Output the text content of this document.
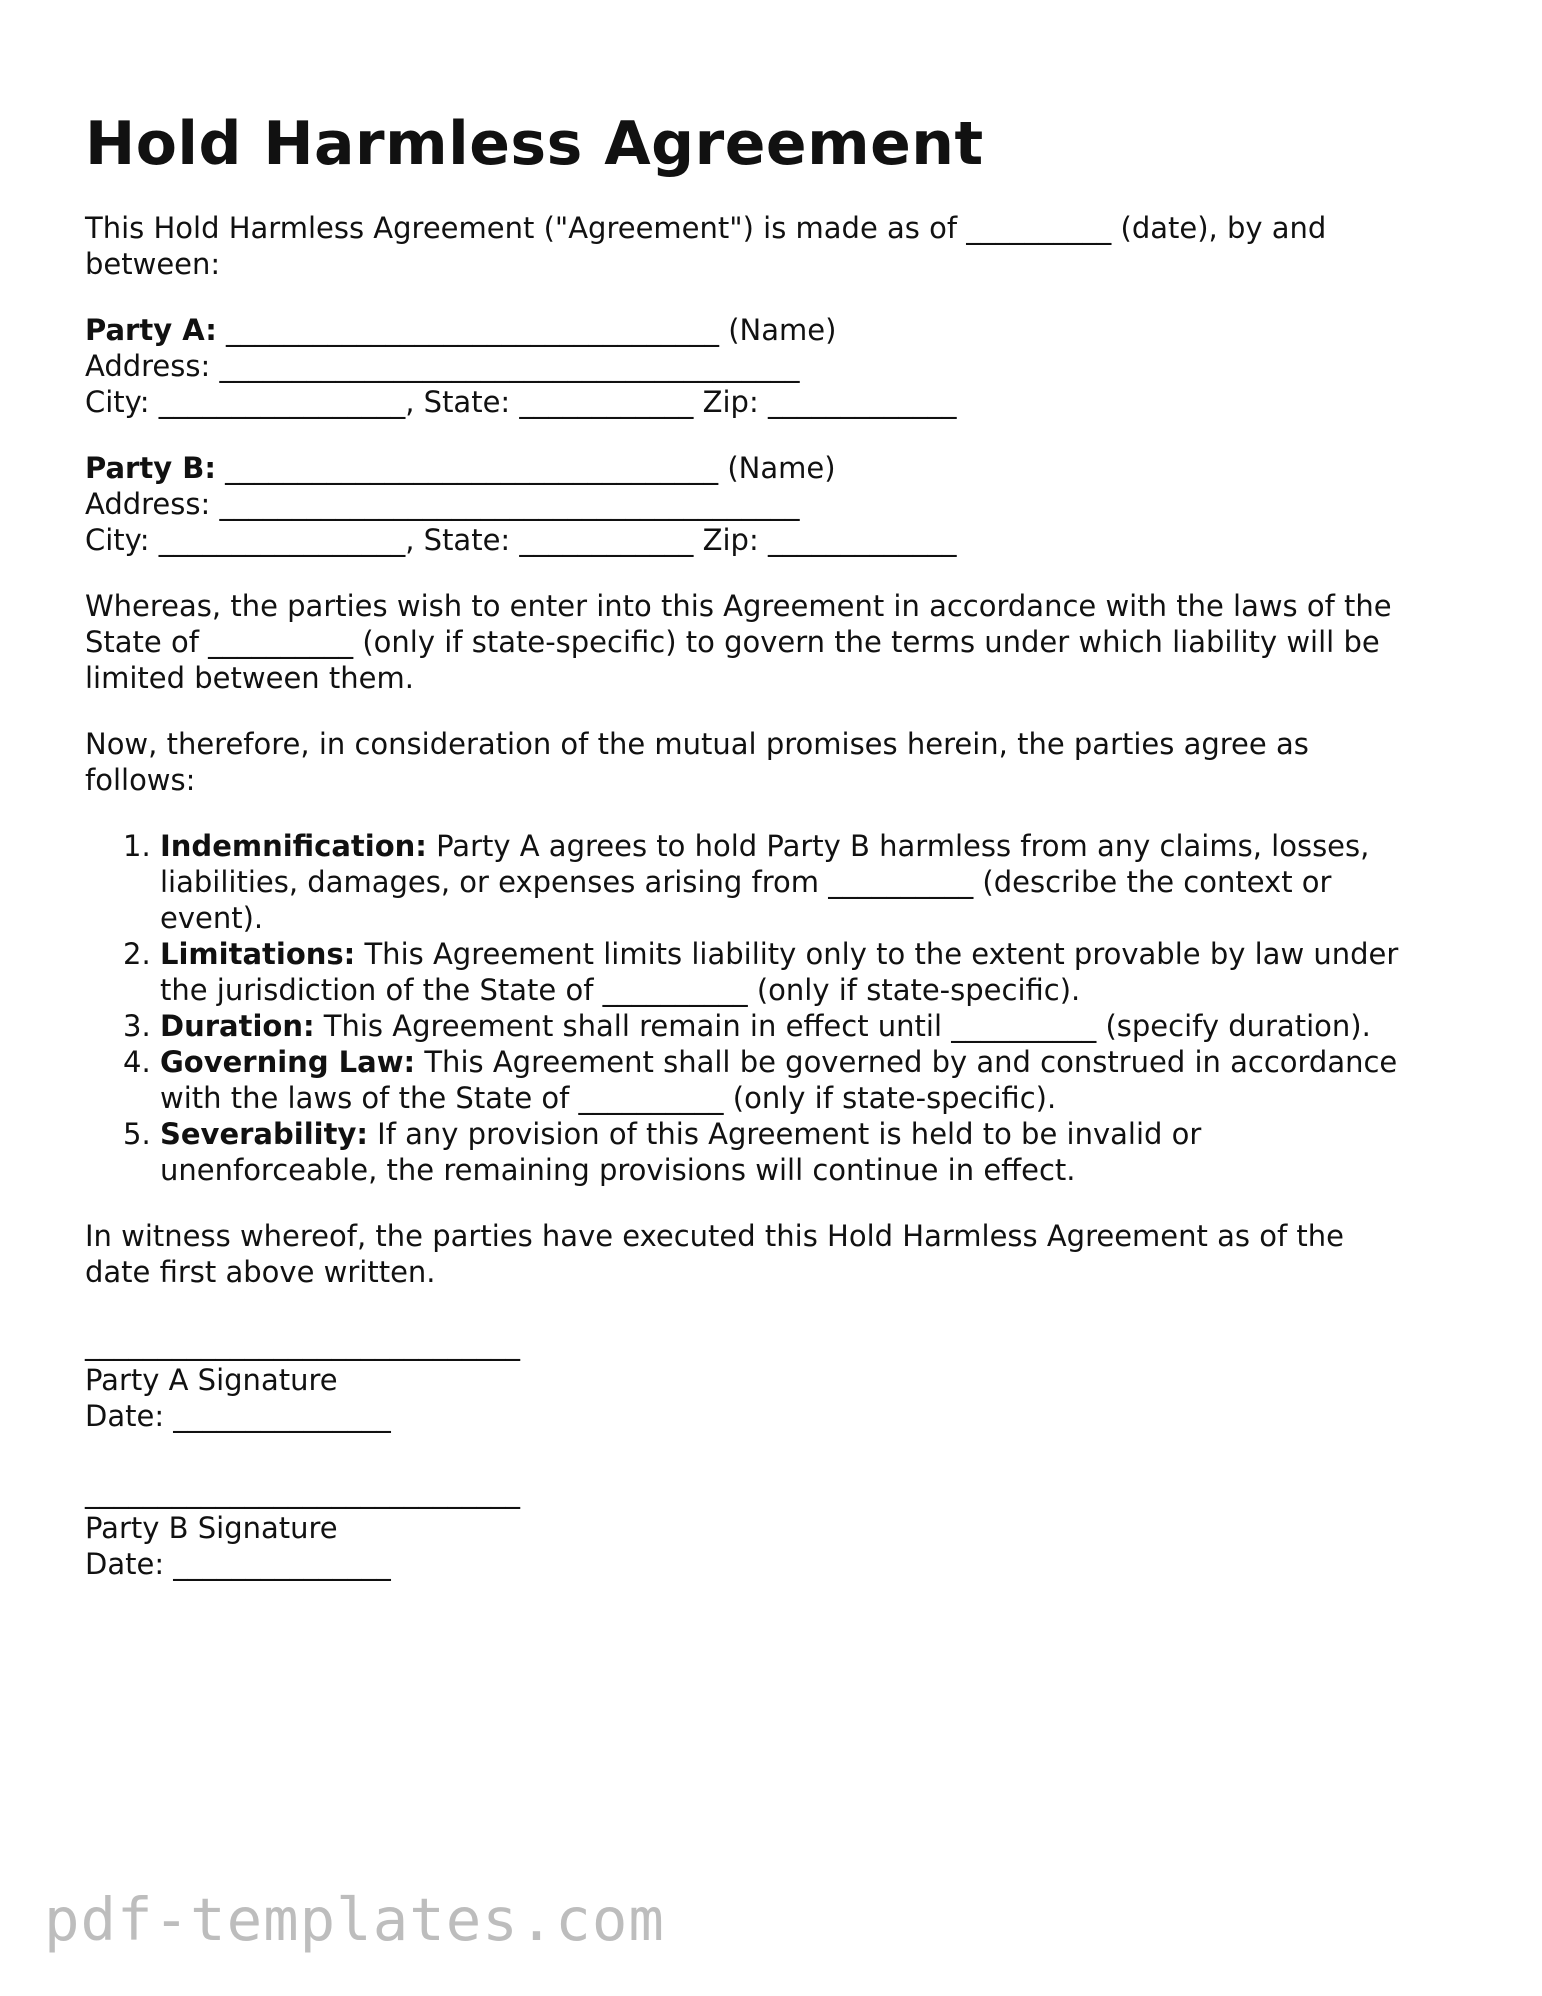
Hold Harmless Agreement

This Hold Harmless Agreement ("Agreement") is made as of __________ (date), by and

between:

Party A: __________________________________ (Name)

Address: ________________________________________

City: _________________, State: ____________ Zip: _____________

Party B: __________________________________ (Name)

Address: ________________________________________

City: _________________, State: ____________ Zip: _____________

Whereas, the parties wish to enter into this Agreement in accordance with the laws of the

State of __________ (only if state-specific) to govern the terms under which liability will be

limited between them.

Now, therefore, in consideration of the mutual promises herein, the parties agree as

follows:

1. Indemnification: Party A agrees to hold Party B harmless from any claims, losses,

liabilities, damages, or expenses arising from __________ (describe the context or

event).

2. Limitations: This Agreement limits liability only to the extent provable by law under

the jurisdiction of the State of __________ (only if state-specific).

3. Duration: This Agreement shall remain in effect until __________ (specify duration).

4. Governing Law: This Agreement shall be governed by and construed in accordance

with the laws of the State of __________ (only if state-specific).

5. Severability: If any provision of this Agreement is held to be invalid or

unenforceable, the remaining provisions will continue in effect.

In witness whereof, the parties have executed this Hold Harmless Agreement as of the

date first above written.

______________________________

Party A Signature

Date: _______________

______________________________

Party B Signature

Date: _______________

pdf-templates.com
